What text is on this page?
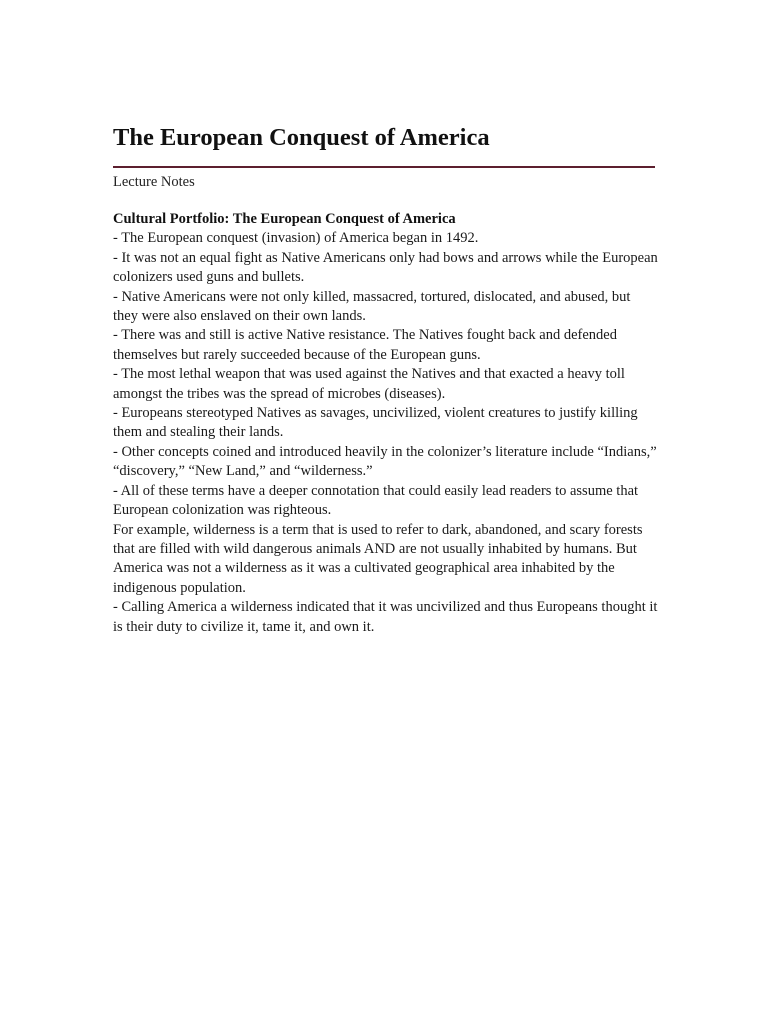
The European Conquest of America
Lecture Notes
Cultural Portfolio: The European Conquest of America

- The European conquest (invasion) of America began in 1492.

- It was not an equal fight as Native Americans only had bows and arrows while the European colonizers used guns and bullets.

- Native Americans were not only killed, massacred, tortured, dislocated, and abused, but they were also enslaved on their own lands.

- There was and still is active Native resistance. The Natives fought back and defended themselves but rarely succeeded because of the European guns.

- The most lethal weapon that was used against the Natives and that exacted a heavy toll amongst the tribes was the spread of microbes (diseases).

- Europeans stereotyped Natives as savages, uncivilized, violent creatures to justify killing them and stealing their lands.

- Other concepts coined and introduced heavily in the colonizer’s literature include “Indians,” “discovery,” “New Land,” and “wilderness.”

- All of these terms have a deeper connotation that could easily lead readers to assume that European colonization was righteous.

For example, wilderness is a term that is used to refer to dark, abandoned, and scary forests that are filled with wild dangerous animals AND are not usually inhabited by humans. But America was not a wilderness as it was a cultivated geographical area inhabited by the indigenous population.

- Calling America a wilderness indicated that it was uncivilized and thus Europeans thought it is their duty to civilize it, tame it, and own it.
